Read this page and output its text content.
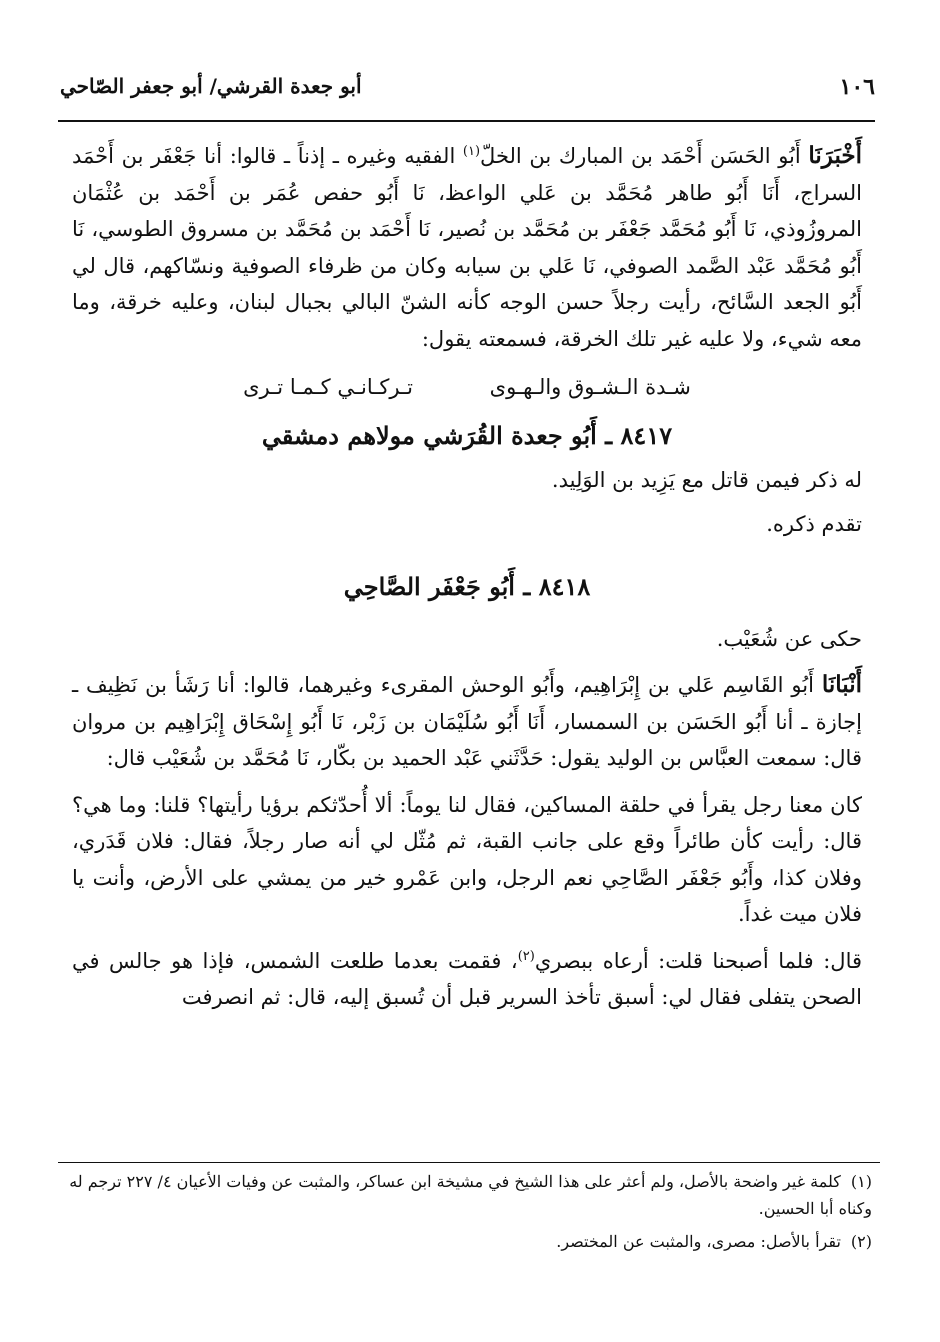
١٠٦
أبو جعدة القرشي/ أبو جعفر الصّاحي

أَخْبَرَنَا أَبُو الحَسَن أَحْمَد بن المبارك بن الخلّ$^{(١)}$ الفقيه وغيره ـ إذناً ـ قالوا: أنا جَعْفَر بن أَحْمَد السراج، أَنَا أَبُو طاهر مُحَمَّد بن عَلي الواعظ، نَا أَبُو حفص عُمَر بن أَحْمَد بن عُثْمَان المروزُوذي، نَا أَبُو مُحَمَّد جَعْفَر بن مُحَمَّد بن نُصير، نَا أَحْمَد بن مُحَمَّد بن مسروق الطوسي، نَا أَبُو مُحَمَّد عَبْد الصَّمد الصوفي، نَا عَلي بن سيابه وكان من ظرفاء الصوفية ونسّاكهم، قال لي أَبُو الجعد السَّائح، رأيت رجلاً حسن الوجه كأنه الشنّ البالي بجبال لبنان، وعليه خرقة، وما معه شيء، ولا عليه غير تلك الخرقة، فسمعته يقول:

شـدة الـشـوق والـهـوى تـركـانـي كـمـا تـرى

٨٤١٧ ـ أَبُو جعدة القُرَشي مولاهم دمشقي

له ذكر فيمن قاتل مع يَزِيد بن الوَلِيد.

تقدم ذكره.

٨٤١٨ ـ أَبُو جَعْفَر الصَّاحِي

حكى عن شُعَيْب.

أَنْبَانَا أَبُو القَاسِم عَلي بن إِبْرَاهِيم، وأَبُو الوحش المقرىء وغيرهما، قالوا: أنا رَشَأ بن نَظِيف ـ إجازة ـ أنا أَبُو الحَسَن بن السمسار، أَنَا أَبُو سُلَيْمَان بن زَبْر، نَا أَبُو إِسْحَاق إِبْرَاهِيم بن مروان قال: سمعت العبَّاس بن الوليد يقول: حَدَّثَني عَبْد الحميد بن بكّار، نَا مُحَمَّد بن شُعَيْب قال:

كان معنا رجل يقرأ في حلقة المساكين، فقال لنا يوماً: ألا أُحدّثكم برؤيا رأيتها؟ قلنا: وما هي؟ قال: رأيت كأن طائراً وقع على جانب القبة، ثم مُثّل لي أنه صار رجلاً، فقال: فلان قَدَري، وفلان كذا، وأَبُو جَعْفَر الصَّاحِي نعم الرجل، وابن عَمْرو خير من يمشي على الأرض، وأنت يا فلان ميت غداً.

قال: فلما أصبحنا قلت: أرعاه ببصري$^{(٢)}$، فقمت بعدما طلعت الشمس، فإذا هو جالس في الصحن يتفلى فقال لي: أسبق تأخذ السرير قبل أن تُسبق إليه، قال: ثم انصرفت

(١)كلمة غير واضحة بالأصل، ولم أعثر على هذا الشيخ في مشيخة ابن عساكر، والمثبت عن وفيات الأعيان ٤/ ٢٢٧ ترجم له وكناه أبا الحسين.

(٢)تقرأ بالأصل: مصرى، والمثبت عن المختصر.
